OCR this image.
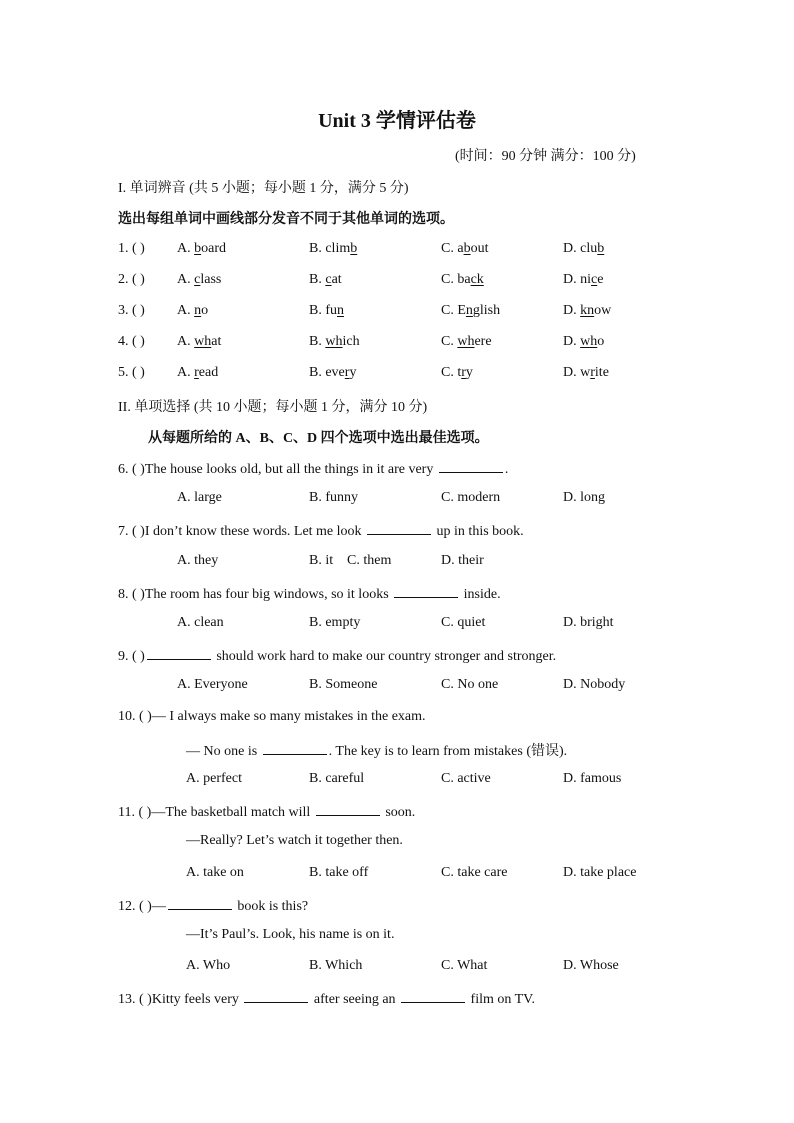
Unit 3 学情评估卷
(时间：90 分钟 满分：100 分)
I. 单词辨音 (共 5 小题；每小题 1 分，满分 5 分)
选出每组单词中画线部分发音不同于其他单词的选项。
1. ( ) A. board	B. climb	C. about	D. club
2. ( ) A. class	B. cat	C. back	D. nice
3. ( ) A. no	B. fun	C. English	D. know
4. ( ) A. what	B. which	C. where	D. who
5. ( ) A. read	B. every	C. try	D. write
II. 单项选择 (共 10 小题；每小题 1 分，满分 10 分)
从每题所给的 A、B、C、D 四个选项中选出最佳选项。
6. ( )The house looks old, but all the things in it are very	.
A. large	B. funny	C. modern	D. long
7. ( )I don’t know these words. Let me look	up in this book.
A. they	B. it C. them	D. their
8. ( )The room has four big windows, so it looks	inside.
A. clean	B. empty	C. quiet	D. bright
9. ( )	should work hard to make our country stronger and stronger.
A. Everyone	B. Someone	C. No one	D. Nobody
10. ( )— I always make so many mistakes in the exam.
— No one is	. The key is to learn from mistakes (错误).
A. perfect	B. careful	C. active	D. famous
11. ( )—The basketball match will	soon.
—Really? Let’s watch it together then.
A. take on	B. take off	C. take care	D. take place
12. ( )—	book is this?
—It’s Paul’s. Look, his name is on it.
A. Who	B. Which	C. What	D. Whose
13. ( )Kitty feels very	after seeing an	film on TV.
